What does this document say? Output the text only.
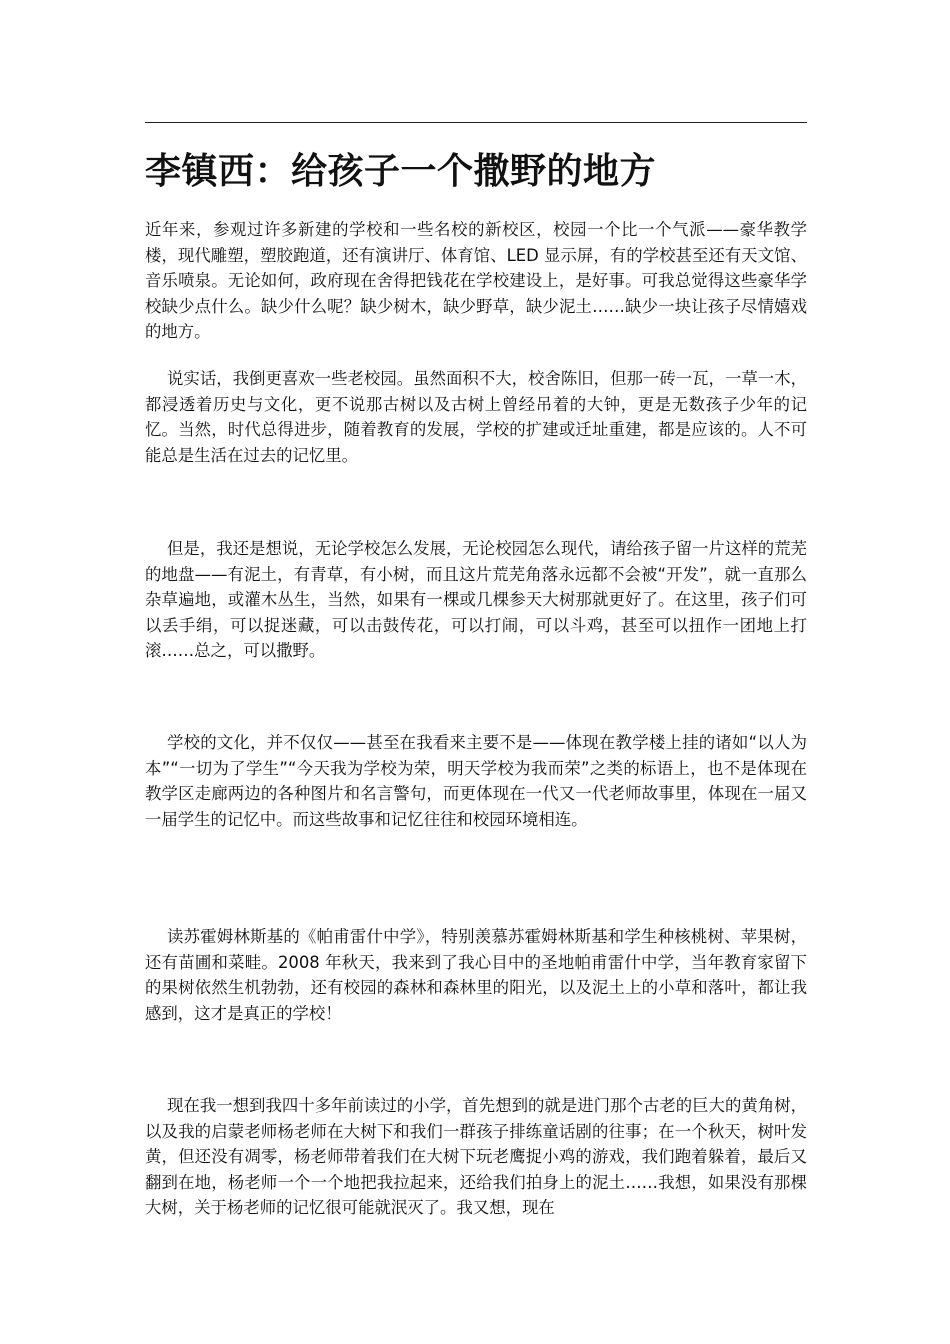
李镇西：给孩子一个撒野的地方

近年来，参观过许多新建的学校和一些名校的新校区，校园一个比一个气派——豪华教学楼，现代雕塑，塑胶跑道，还有演讲厅、体育馆、LED 显示屏，有的学校甚至还有天文馆、音乐喷泉。无论如何，政府现在舍得把钱花在学校建设上，是好事。可我总觉得这些豪华学校缺少点什么。缺少什么呢？缺少树木，缺少野草，缺少泥土……缺少一块让孩子尽情嬉戏的地方。

说实话，我倒更喜欢一些老校园。虽然面积不大，校舍陈旧，但那一砖一瓦，一草一木，都浸透着历史与文化，更不说那古树以及古树上曾经吊着的大钟，更是无数孩子少年的记忆。当然，时代总得进步，随着教育的发展，学校的扩建或迁址重建，都是应该的。人不可能总是生活在过去的记忆里。

但是，我还是想说，无论学校怎么发展，无论校园怎么现代，请给孩子留一片这样的荒芜的地盘——有泥土，有青草，有小树，而且这片荒芜角落永远都不会被“开发”，就一直那么杂草遍地，或灌木丛生，当然，如果有一棵或几棵参天大树那就更好了。在这里，孩子们可以丢手绢，可以捉迷藏，可以击鼓传花，可以打闹，可以斗鸡，甚至可以扭作一团地上打滚……总之，可以撒野。

学校的文化，并不仅仅——甚至在我看来主要不是——体现在教学楼上挂的诸如“以人为本”“一切为了学生”“今天我为学校为荣，明天学校为我而荣”之类的标语上，也不是体现在教学区走廊两边的各种图片和名言警句，而更体现在一代又一代老师故事里，体现在一届又一届学生的记忆中。而这些故事和记忆往往和校园环境相连。

读苏霍姆林斯基的《帕甫雷什中学》，特别羡慕苏霍姆林斯基和学生种核桃树、苹果树，还有苗圃和菜畦。2008 年秋天，我来到了我心目中的圣地帕甫雷什中学，当年教育家留下的果树依然生机勃勃，还有校园的森林和森林里的阳光，以及泥土上的小草和落叶，都让我感到，这才是真正的学校！

现在我一想到我四十多年前读过的小学，首先想到的就是进门那个古老的巨大的黄角树，以及我的启蒙老师杨老师在大树下和我们一群孩子排练童话剧的往事；在一个秋天，树叶发黄，但还没有凋零，杨老师带着我们在大树下玩老鹰捉小鸡的游戏，我们跑着躲着，最后又翻到在地，杨老师一个一个地把我拉起来，还给我们拍身上的泥土……我想，如果没有那棵大树，关于杨老师的记忆很可能就泯灭了。我又想，现在
